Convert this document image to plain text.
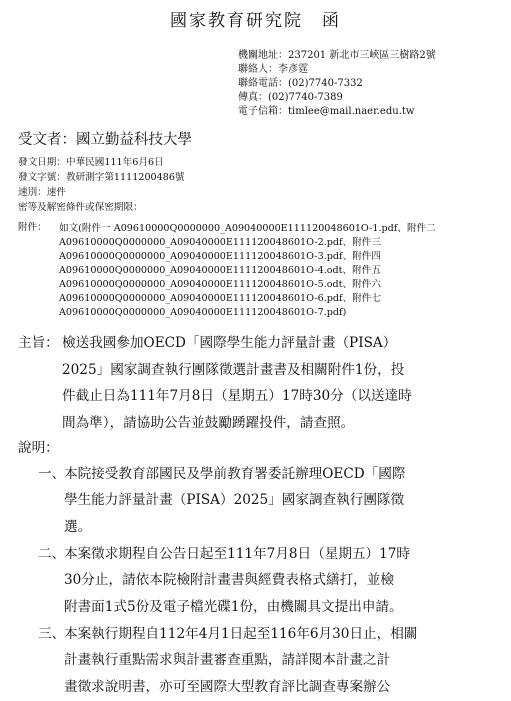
國家教育研究院　函
機關地址：237201 新北市三峽區三樹路2號
聯絡人：李彥霆
聯絡電話：(02)7740-7332
傳真：(02)7740-7389
電子信箱：timlee@mail.naer.edu.tw
受文者：國立勤益科技大學
發文日期：中華民國111年6月6日
發文字號：教研測字第1111200486號
速別：速件
密等及解密條件或保密期限：
附件： 如文(附件一 A09610000Q0000000_A09040000E111120048601O-1.pdf、附件二
A09610000Q0000000_A09040000E111120048601O-2.pdf、附件三
A09610000Q0000000_A09040000E111120048601O-3.pdf、附件四
A09610000Q0000000_A09040000E111120048601O-4.odt、附件五
A09610000Q0000000_A09040000E111120048601O-5.odt、附件六
A09610000Q0000000_A09040000E111120048601O-6.pdf、附件七
A09610000Q0000000_A09040000E111120048601O-7.pdf)
主旨： 檢送我國參加OECD「國際學生能力評量計畫（PISA）
2025」國家調查執行團隊徵選計畫書及相關附件1份，投
件截止日為111年7月8日（星期五）17時30分（以送達時
間為準），請協助公告並鼓勵踴躍投件，請查照。
說明：
一、
本院接受教育部國民及學前教育署委託辦理OECD「國際
學生能力評量計畫（PISA）2025」國家調查執行團隊徵
選。
二、
本案徵求期程自公告日起至111年7月8日（星期五）17時
30分止，請依本院檢附計畫書與經費表格式繕打，並檢
附書面1式5份及電子檔光碟1份，由機關具文提出申請。
三、
本案執行期程自112年4月1日起至116年6月30日止，相關
計畫執行重點需求與計畫審查重點，請詳閱本計畫之計
畫徵求說明書，亦可至國際大型教育評比調查專案辦公
